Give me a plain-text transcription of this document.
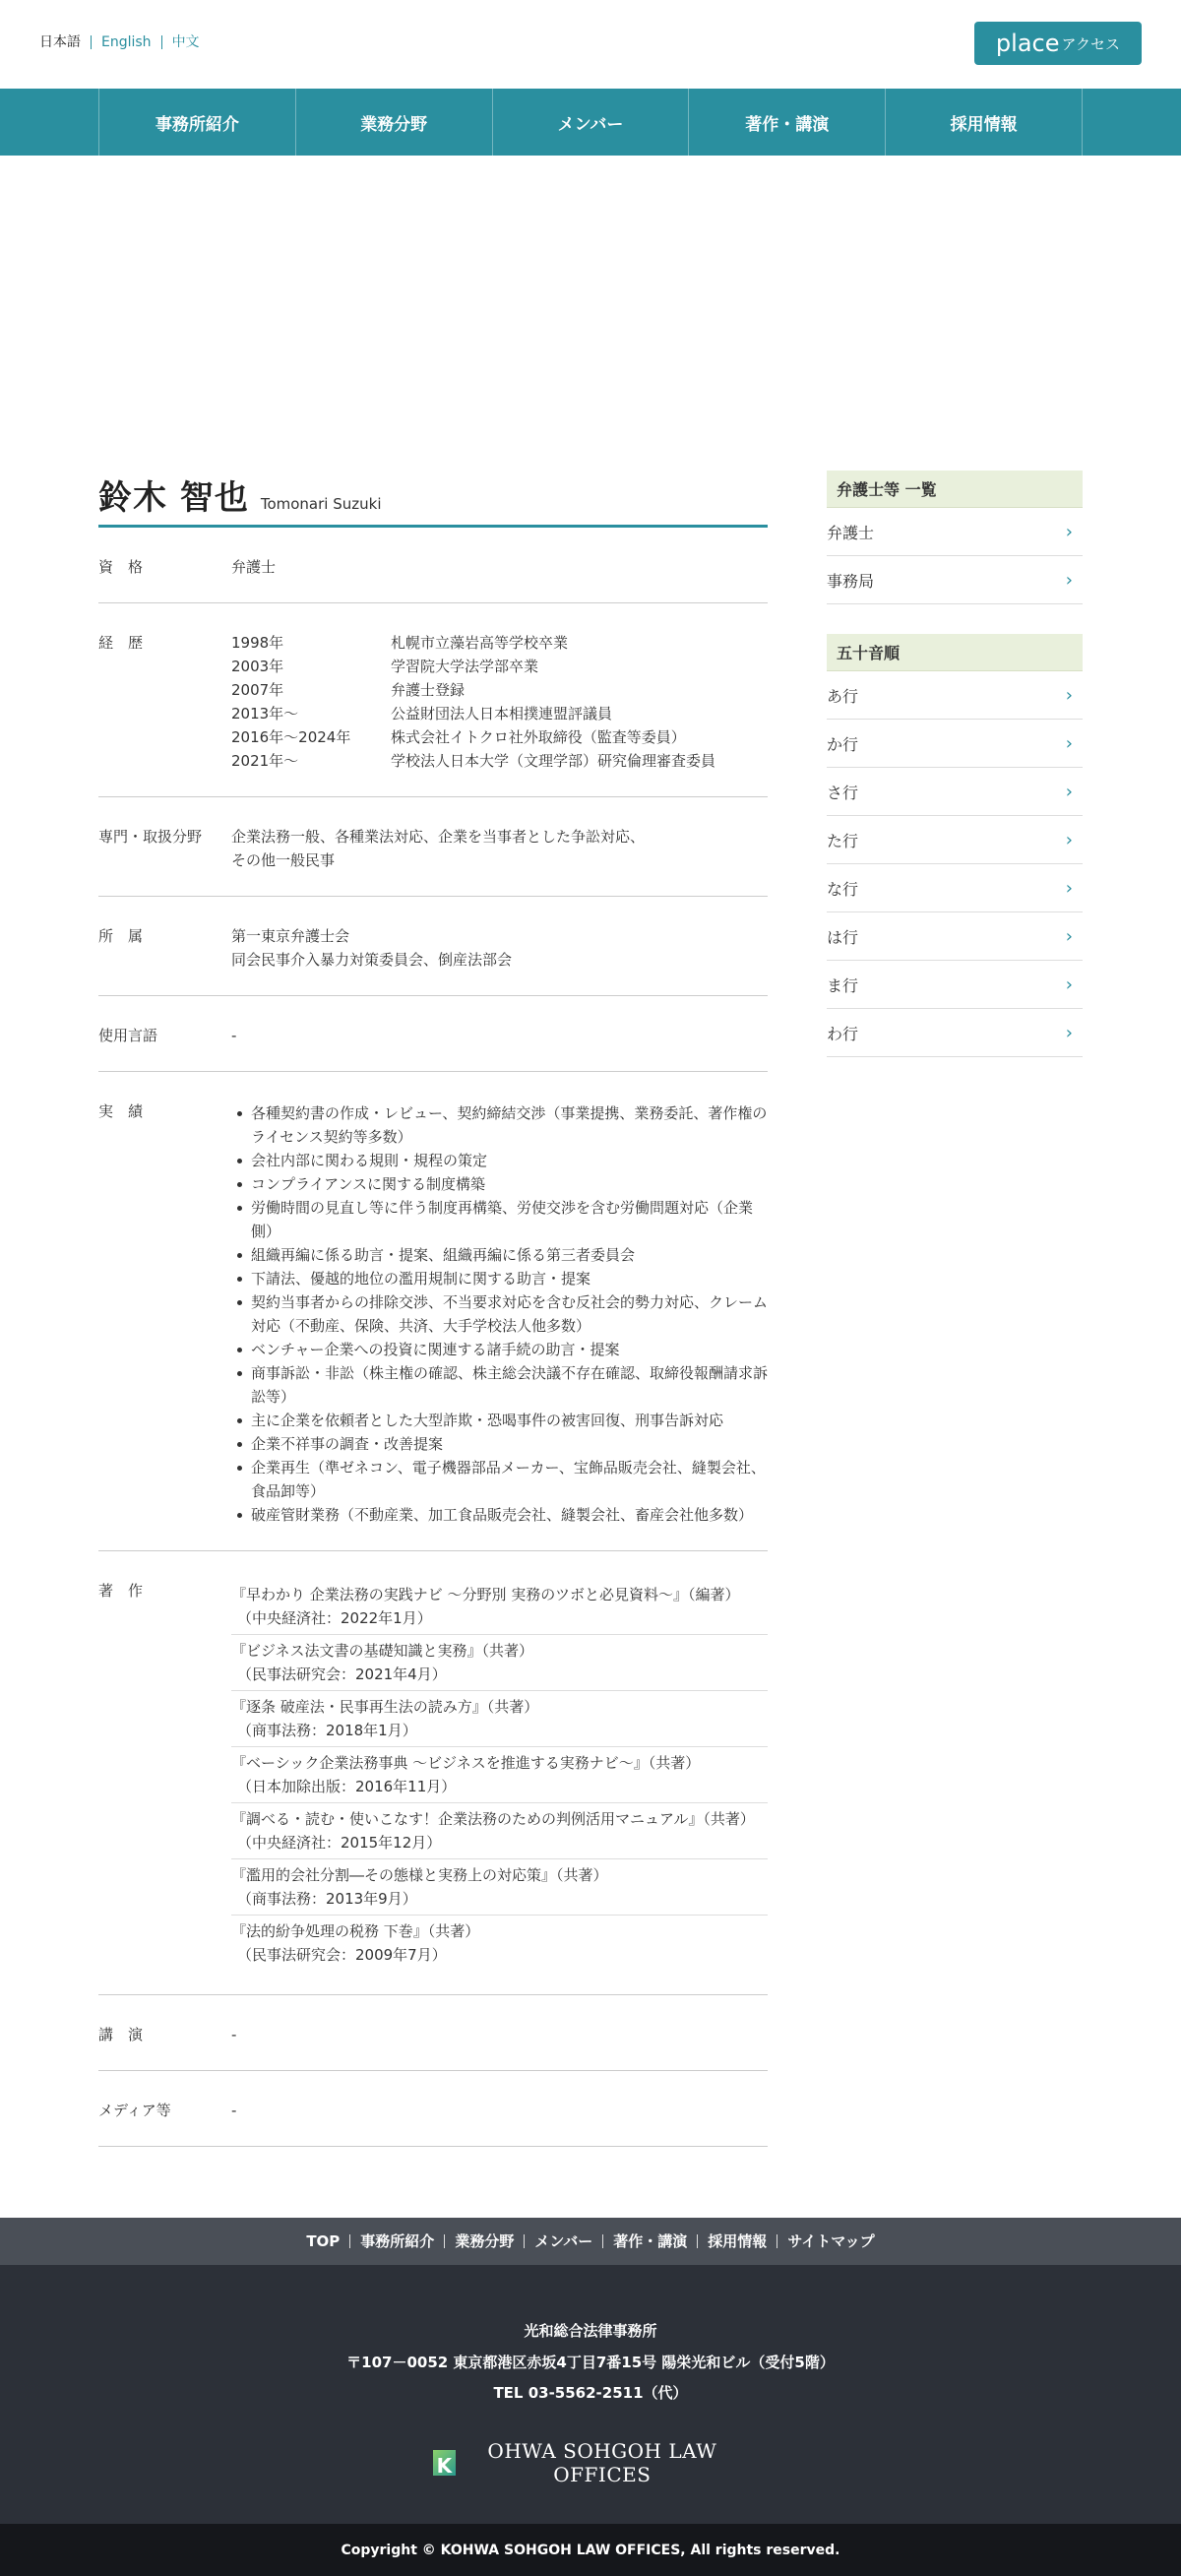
日本語	English	中文	place アクセス
事務所紹介	業務分野	メンバー	著作・講演	採用情報
鈴木 智也 Tomonari Suzuki
資　格	弁護士
経　歴	1998年	札幌市立藻岩高等学校卒業
2003年	学習院大学法学部卒業
2007年	弁護士登録
2013年～	公益財団法人日本相撲連盟評議員
2016年～2024年	株式会社イトクロ社外取締役（監査等委員）
2021年～	学校法人日本大学（文理学部）研究倫理審査委員
専門・取扱分野	企業法務一般、各種業法対応、企業を当事者とした争訟対応、
その他一般民事
所　属	第一東京弁護士会
同会民事介入暴力対策委員会、倒産法部会
使用言語	-
実　績	各種契約書の作成・レビュー、契約締結交渉（事業提携、業務委託、著作権のライセンス契約等多数）
会社内部に関わる規則・規程の策定
コンプライアンスに関する制度構築
労働時間の見直し等に伴う制度再構築、労使交渉を含む労働問題対応（企業側）
組織再編に係る助言・提案、組織再編に係る第三者委員会
下請法、優越的地位の濫用規制に関する助言・提案
契約当事者からの排除交渉、不当要求対応を含む反社会的勢力対応、クレーム対応（不動産、保険、共済、大手学校法人他多数）
ベンチャー企業への投資に関連する諸手続の助言・提案
商事訴訟・非訟（株主権の確認、株主総会決議不存在確認、取締役報酬請求訴訟等）
主に企業を依頼者とした大型詐欺・恐喝事件の被害回復、刑事告訴対応
企業不祥事の調査・改善提案
企業再生（準ゼネコン、電子機器部品メーカー、宝飾品販売会社、縫製会社、食品卸等）
破産管財業務（不動産業、加工食品販売会社、縫製会社、畜産会社他多数）
著　作	『早わかり 企業法務の実践ナビ ～分野別 実務のツボと必見資料～』（編著）
（中央経済社：2022年1月）
『ビジネス法文書の基礎知識と実務』（共著）
（民事法研究会：2021年4月）
『逐条 破産法・民事再生法の読み方』（共著）
（商事法務：2018年1月）
『ベーシック企業法務事典 ～ビジネスを推進する実務ナビ～』（共著）
（日本加除出版：2016年11月）
『調べる・読む・使いこなす！企業法務のための判例活用マニュアル』（共著）
（中央経済社：2015年12月）
『濫用的会社分割―その態様と実務上の対応策』（共著）
（商事法務：2013年9月）
『法的紛争処理の税務 下巻』（共著）
（民事法研究会：2009年7月）
講　演	-
メディア等	-
弁護士等 一覧
弁護士	›
事務局	›
五十音順
あ行	›
か行	›
さ行	›
た行	›
な行	›
は行	›
ま行	›
わ行	›
TOP	事務所紹介	業務分野	メンバー	著作・講演	採用情報	サイトマップ
光和総合法律事務所
〒107－0052 東京都港区赤坂4丁目7番15号 陽栄光和ビル（受付5階）
TEL 03-5562-2511（代）
K
OHWA SOHGOH LAW OFFICES
Copyright © KOHWA SOHGOH LAW OFFICES, All rights reserved.
